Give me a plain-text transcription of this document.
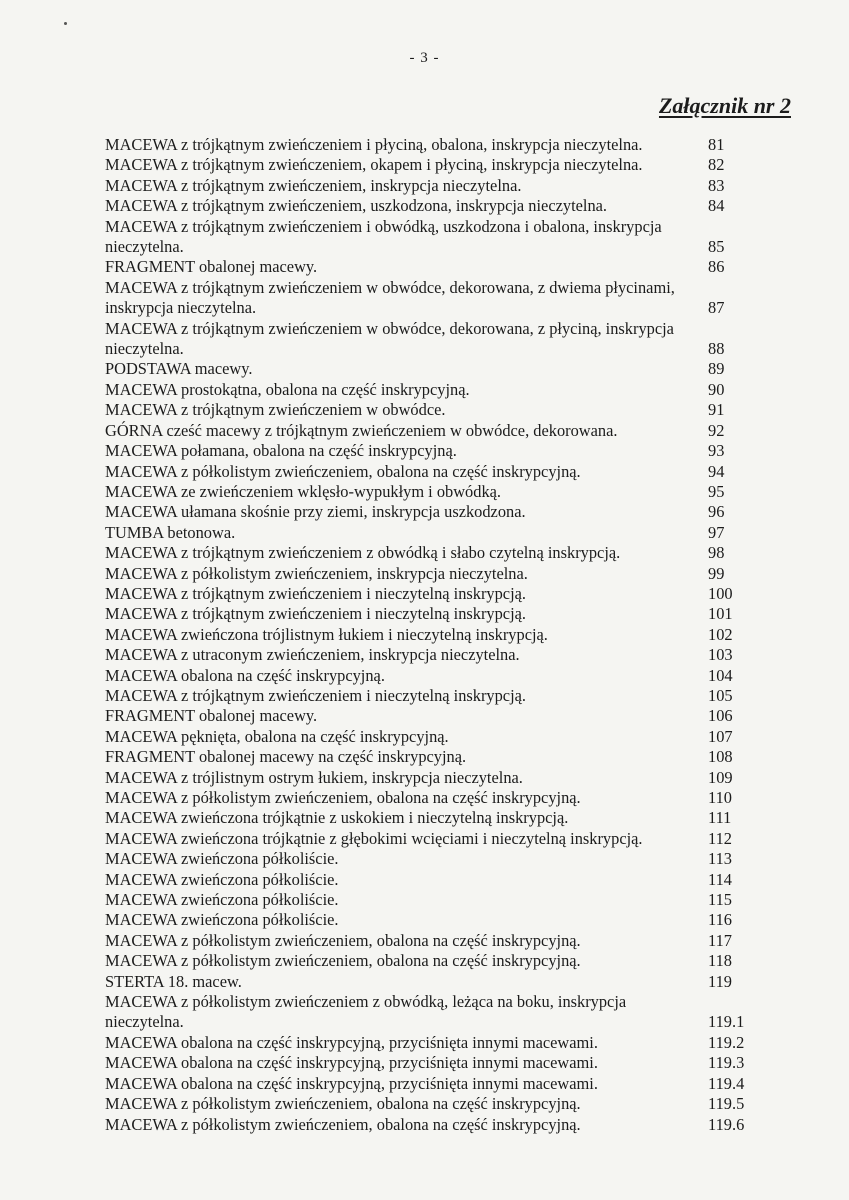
- 3 -
Załącznik nr 2
MACEWA z trójkątnym zwieńczeniem i płyciną, obalona, inskrypcja nieczytelna.	81
MACEWA z trójkątnym zwieńczeniem, okapem i płyciną, inskrypcja nieczytelna.	82
MACEWA z trójkątnym zwieńczeniem, inskrypcja nieczytelna.	83
MACEWA z trójkątnym zwieńczeniem, uszkodzona, inskrypcja nieczytelna.	84
MACEWA z trójkątnym zwieńczeniem i obwódką, uszkodzona i obalona, inskrypcja nieczytelna.	85
FRAGMENT obalonej macewy.	86
MACEWA z trójkątnym zwieńczeniem w obwódce, dekorowana, z dwiema płycinami, inskrypcja nieczytelna.	87
MACEWA z trójkątnym zwieńczeniem w obwódce, dekorowana, z płyciną, inskrypcja nieczytelna.	88
PODSTAWA macewy.	89
MACEWA prostokątna, obalona na część inskrypcyjną.	90
MACEWA z trójkątnym zwieńczeniem w obwódce.	91
GÓRNA cześć macewy z trójkątnym zwieńczeniem w obwódce, dekorowana.	92
MACEWA połamana, obalona na część inskrypcyjną.	93
MACEWA z półkolistym zwieńczeniem, obalona na część inskrypcyjną.	94
MACEWA ze zwieńczeniem wklęsło-wypukłym i obwódką.	95
MACEWA ułamana skośnie przy ziemi, inskrypcja uszkodzona.	96
TUMBA betonowa.	97
MACEWA z trójkątnym zwieńczeniem z obwódką i słabo czytelną inskrypcją.	98
MACEWA z półkolistym zwieńczeniem, inskrypcja nieczytelna.	99
MACEWA z trójkątnym zwieńczeniem i nieczytelną inskrypcją.	100
MACEWA z trójkątnym zwieńczeniem i nieczytelną inskrypcją.	101
MACEWA zwieńczona trójlistnym łukiem i nieczytelną inskrypcją.	102
MACEWA z utraconym zwieńczeniem, inskrypcja nieczytelna.	103
MACEWA obalona na część inskrypcyjną.	104
MACEWA z trójkątnym zwieńczeniem i nieczytelną inskrypcją.	105
FRAGMENT obalonej macewy.	106
MACEWA pęknięta, obalona na część inskrypcyjną.	107
FRAGMENT obalonej macewy na część inskrypcyjną.	108
MACEWA z trójlistnym ostrym łukiem, inskrypcja nieczytelna.	109
MACEWA z półkolistym zwieńczeniem, obalona na część inskrypcyjną.	110
MACEWA zwieńczona trójkątnie z uskokiem i nieczytelną inskrypcją.	111
MACEWA zwieńczona trójkątnie z głębokimi wcięciami i nieczytelną inskrypcją.	112
MACEWA zwieńczona półkoliście.	113
MACEWA zwieńczona półkoliście.	114
MACEWA zwieńczona półkoliście.	115
MACEWA zwieńczona półkoliście.	116
MACEWA z półkolistym zwieńczeniem, obalona na część inskrypcyjną.	117
MACEWA z półkolistym zwieńczeniem, obalona na część inskrypcyjną.	118
STERTA 18. macew.	119
MACEWA z półkolistym zwieńczeniem z obwódką, leżąca na boku, inskrypcja nieczytelna.	119.1
MACEWA obalona na część inskrypcyjną, przyciśnięta innymi macewami.	119.2
MACEWA obalona na część inskrypcyjną, przyciśnięta innymi macewami.	119.3
MACEWA obalona na część inskrypcyjną, przyciśnięta innymi macewami.	119.4
MACEWA z półkolistym zwieńczeniem, obalona na część inskrypcyjną.	119.5
MACEWA z półkolistym zwieńczeniem, obalona na część inskrypcyjną.	119.6
